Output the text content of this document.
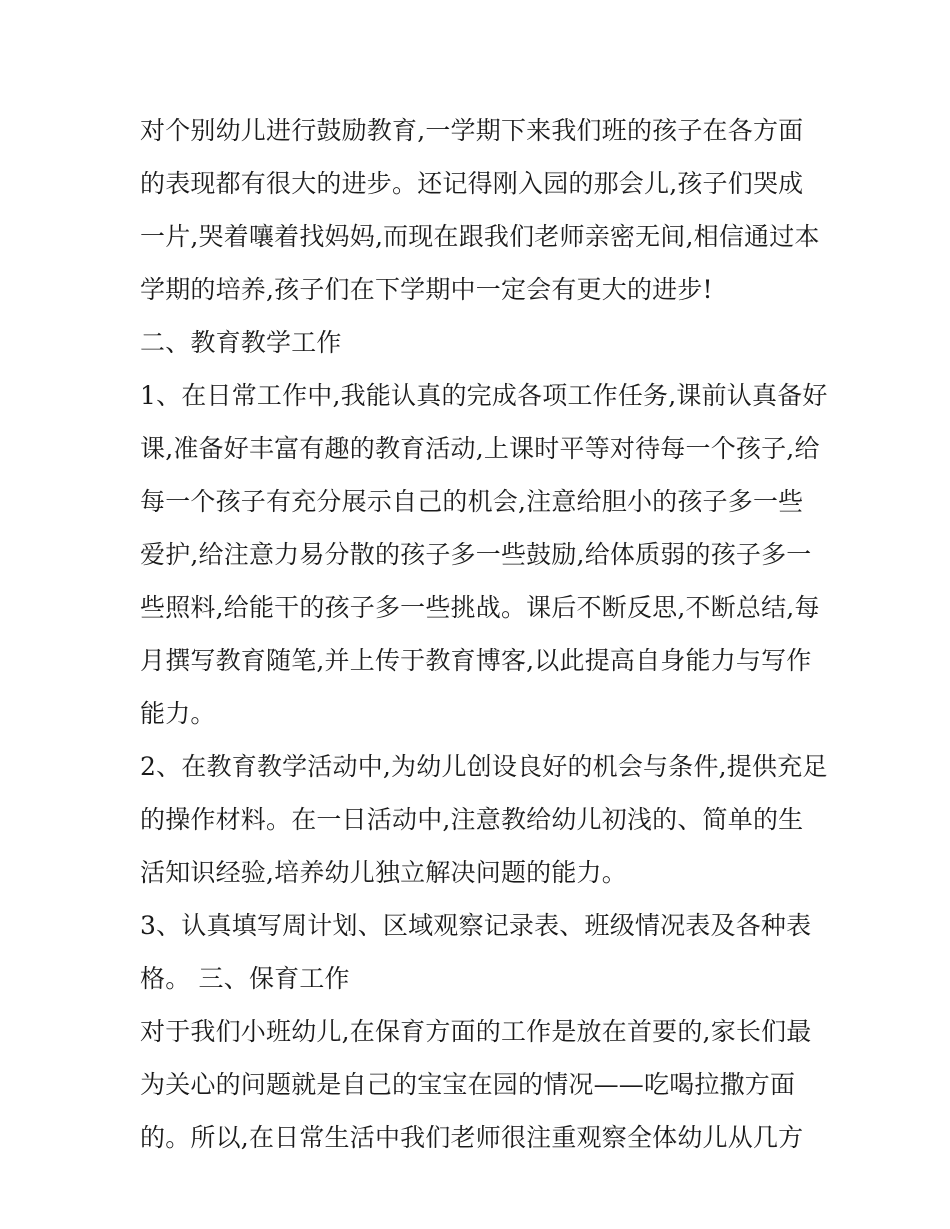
对个别幼儿进行鼓励教育,一学期下来我们班的孩子在各方面
的表现都有很大的进步。还记得刚入园的那会儿,孩子们哭成
一片,哭着嚷着找妈妈,而现在跟我们老师亲密无间,相信通过本
学期的培养,孩子们在下学期中一定会有更大的进步!
二、教育教学工作
1、在日常工作中,我能认真的完成各项工作任务,课前认真备好
课,准备好丰富有趣的教育活动,上课时平等对待每一个孩子,给
每一个孩子有充分展示自己的机会,注意给胆小的孩子多一些
爱护,给注意力易分散的孩子多一些鼓励,给体质弱的孩子多一
些照料,给能干的孩子多一些挑战。课后不断反思,不断总结,每
月撰写教育随笔,并上传于教育博客,以此提高自身能力与写作
能力。
2、在教育教学活动中,为幼儿创设良好的机会与条件,提供充足
的操作材料。在一日活动中,注意教给幼儿初浅的、简单的生
活知识经验,培养幼儿独立解决问题的能力。
3、认真填写周计划、区域观察记录表、班级情况表及各种表
格。 三、保育工作
对于我们小班幼儿,在保育方面的工作是放在首要的,家长们最
为关心的问题就是自己的宝宝在园的情况——吃喝拉撒方面
的。所以,在日常生活中我们老师很注重观察全体幼儿从几方
